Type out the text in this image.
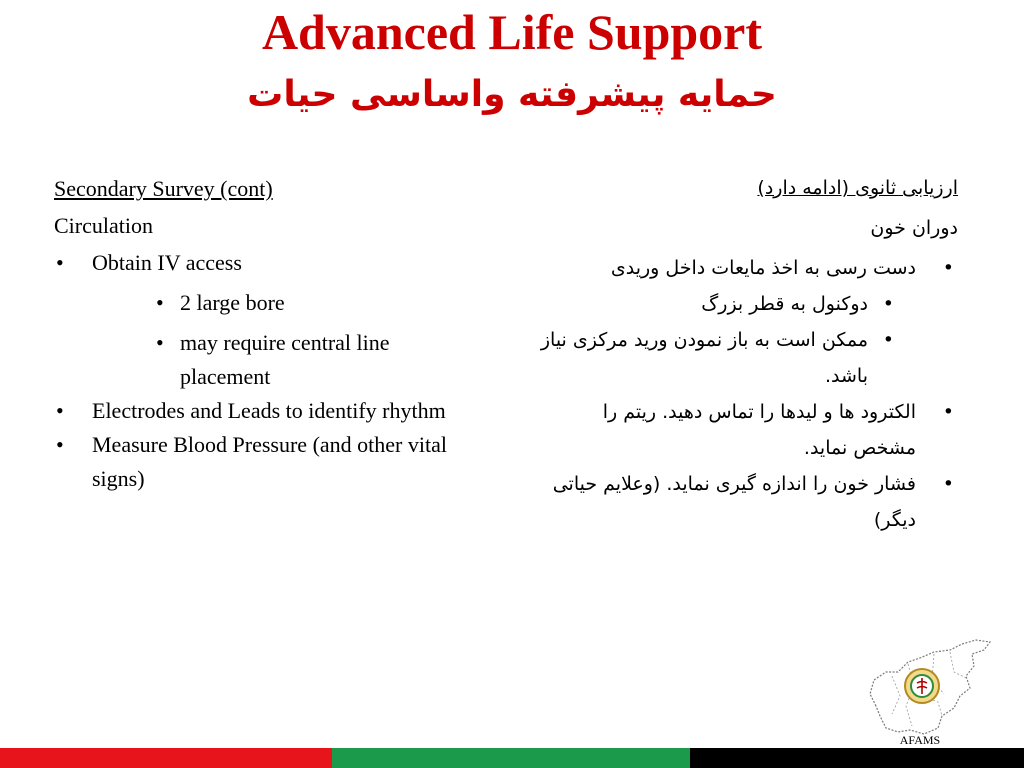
Advanced Life Support
حمایه پیشرفته واساسی حیات
Secondary Survey (cont)
Circulation
• Obtain IV access
• 2 large bore
• may require central line placement
• Electrodes and Leads to identify rhythm
• Measure Blood Pressure (and other vital signs)
ارزیابی ثانوی (ادامه دارد)
دوران خون
•
دست رسی به اخذ مایعات داخل وریدی
•
دوکنول به قطر بزرگ
•
ممکن است به باز نمودن ورید مرکزی نیاز باشد.
•
الکترود ها و لیدها را تماس دهید. ریتم را مشخص نماید.
•
فشار خون را اندازه گیری نماید. (وعلایم حیاتی دیگر)
AFAMS
